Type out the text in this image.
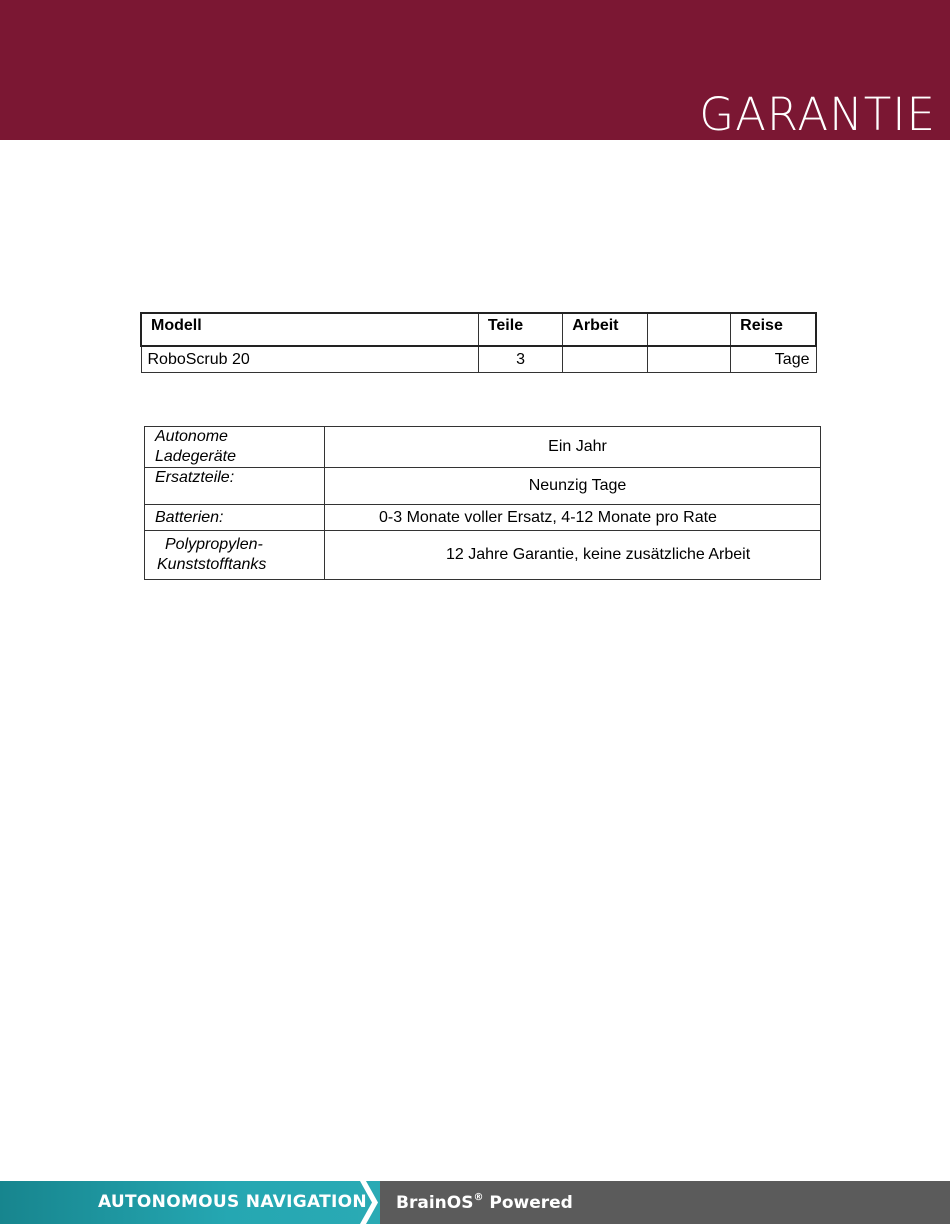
GARANTIE
Modell	Teile	Arbeit		Reise
RoboScrub 20	3			Tage
Autonome
Ladegeräte	Ein Jahr
Ersatzteile:	Neunzig Tage
Batterien:	0-3 Monate voller Ersatz, 4-12 Monate pro Rate
Polypropylen-
Kunststofftanks	12 Jahre Garantie, keine zusätzliche Arbeit
AUTONOMOUS NAVIGATION BrainOS® Powered
